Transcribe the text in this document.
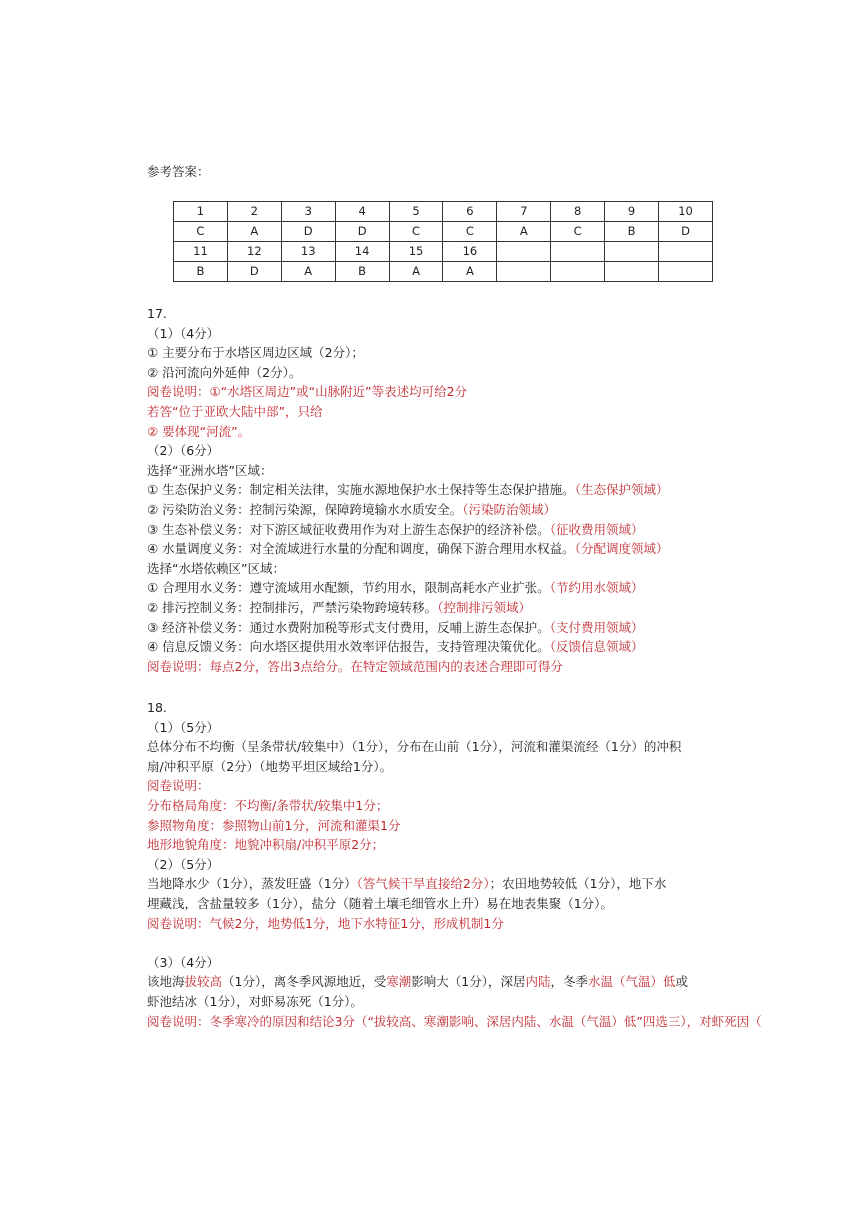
参考答案：
1	2	3	4	5	6	7	8	9	10
C	A	D	D	C	C	A	C	B	D
11	12	13	14	15	16				
B	D	A	B	A	A				
17.
（1）（4分）
① 主要分布于水塔区周边区域（2分）；
② 沿河流向外延伸（2分）。
阅卷说明：①“水塔区周边”或“山脉附近”等表述均可给2分
若答“位于亚欧大陆中部”，只给
② 要体现“河流”。
（2）（6分）
选择“亚洲水塔”区域：
① 生态保护义务：制定相关法律，实施水源地保护水土保持等生态保护措施。（生态保护领域）
② 污染防治义务：控制污染源，保障跨境输水水质安全。（污染防治领域）
③ 生态补偿义务：对下游区域征收费用作为对上游生态保护的经济补偿。（征收费用领域）
④ 水量调度义务：对全流域进行水量的分配和调度，确保下游合理用水权益。（分配调度领域）
选择“水塔依赖区”区域：
① 合理用水义务：遵守流域用水配额，节约用水，限制高耗水产业扩张。（节约用水领域）
② 排污控制义务：控制排污，严禁污染物跨境转移。（控制排污领域）
③ 经济补偿义务：通过水费附加税等形式支付费用，反哺上游生态保护。（支付费用领域）
④ 信息反馈义务：向水塔区提供用水效率评估报告，支持管理决策优化。（反馈信息领域）
阅卷说明：每点2分，答出3点给分。在特定领域范围内的表述合理即可得分
18.
（1）（5分）
总体分布不均衡（呈条带状/较集中）（1分），分布在山前（1分），河流和灌渠流经（1分）的冲积
扇/冲积平原（2分）（地势平坦区域给1分）。
阅卷说明：
分布格局角度：不均衡/条带状/较集中1分；
参照物角度：参照物山前1分，河流和灌渠1分
地形地貌角度：地貌冲积扇/冲积平原2分；
（2）（5分）
当地降水少（1分），蒸发旺盛（1分）（答气候干旱直接给2分）；农田地势较低（1分），地下水
埋藏浅，含盐量较多（1分），盐分（随着土壤毛细管水上升）易在地表集聚（1分）。
阅卷说明：气候2分，地势低1分，地下水特征1分，形成机制1分
（3）（4分）
该地海拔较高（1分），离冬季风源地近，受寒潮影响大（1分），深居内陆，冬季水温（气温）低或
虾池结冰（1分），对虾易冻死（1分）。
阅卷说明：冬季寒冷的原因和结论3分（“拔较高、寒潮影响、深居内陆、水温（气温）低”四选三），对虾死因（
